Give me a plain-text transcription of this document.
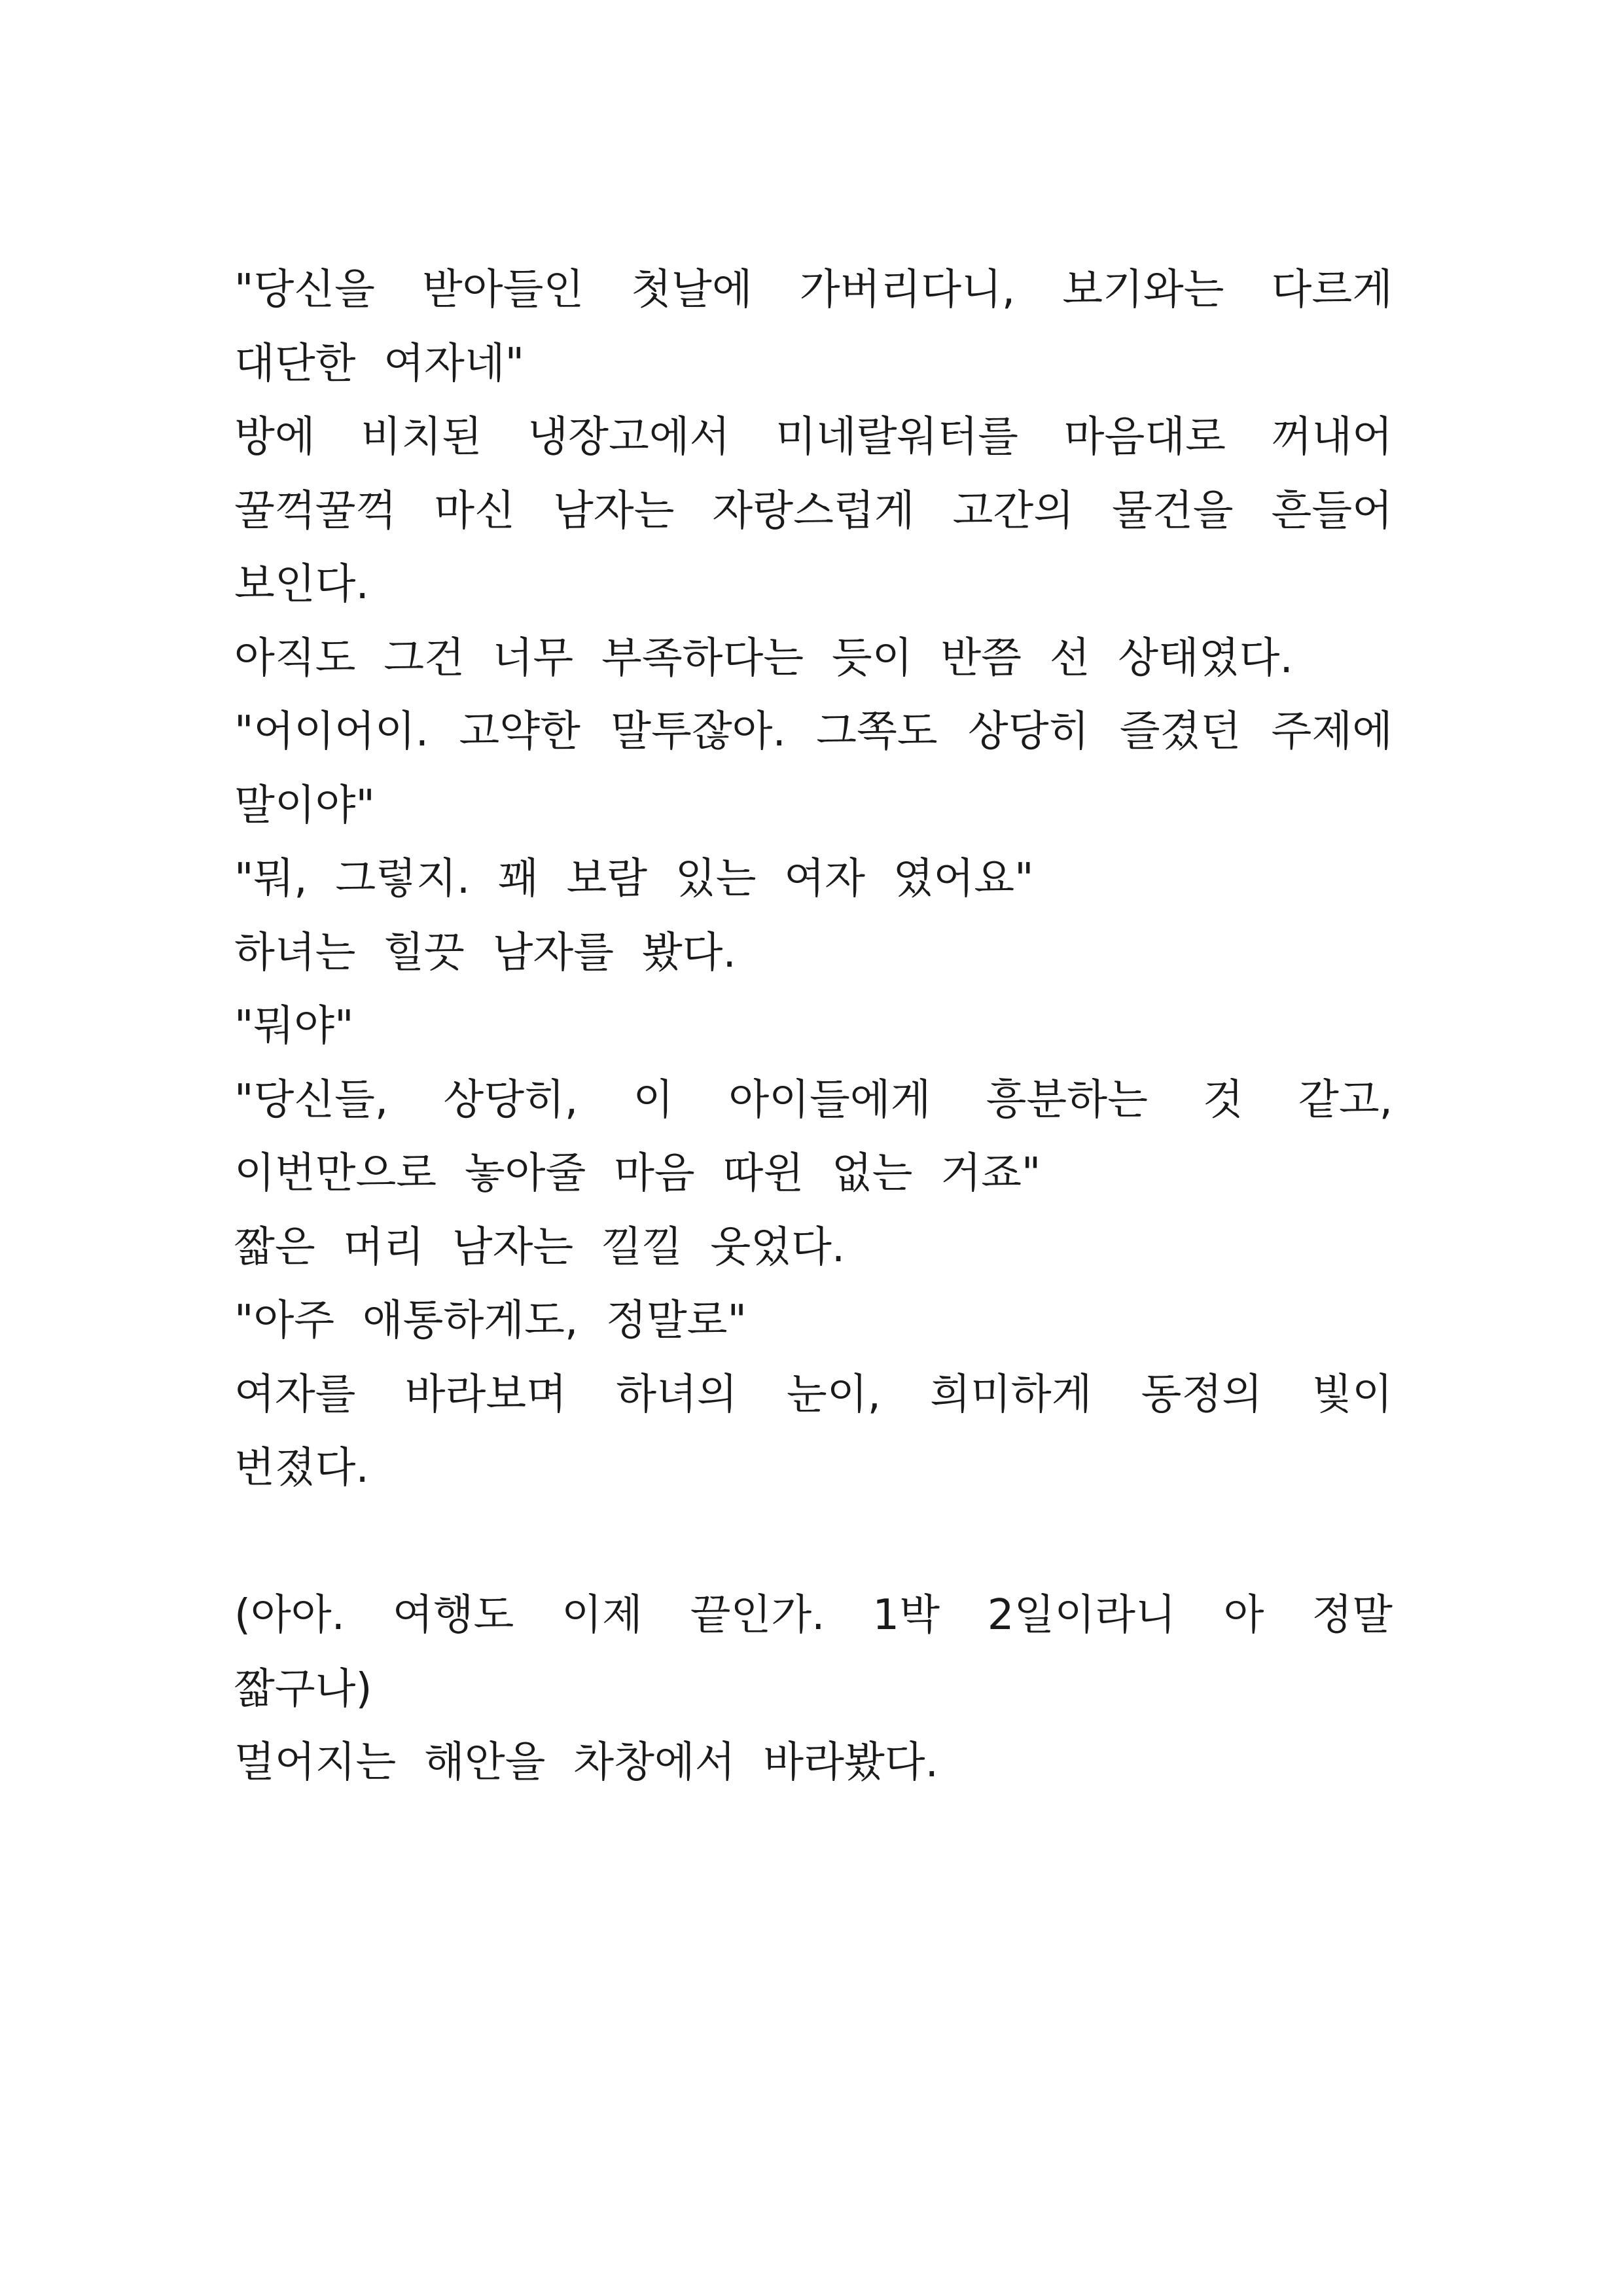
"당신을 받아들인 첫날에 가버리다니, 보기와는 다르게 대단한 여자네"

방에 비치된 냉장고에서 미네랄워터를 마음대로 꺼내어 꿀꺽꿀꺽 마신 남자는 자랑스럽게 고간의 물건을 흔들어 보인다.

아직도 그건 너무 부족하다는 듯이 반쯤 선 상태였다.

"어이어이. 고약한 말투잖아. 그쪽도 상당히 즐겼던 주제에 말이야"

"뭐, 그렇지. 꽤 보람 있는 여자 였어요"

하녀는 힐끗 남자를 봤다.

"뭐야"

"당신들, 상당히, 이 아이들에게 흥분하는 것 같고, 이번만으로 놓아줄 마음 따윈 없는 거죠"

짧은 머리 남자는 낄낄 웃었다.

"아주 애통하게도, 정말로"

여자를 바라보며 하녀의 눈이, 희미하게 동정의 빛이 번졌다.

(아아. 여행도 이제 끝인가. 1박 2일이라니 아 정말 짧구나)

멀어지는 해안을 차창에서 바라봤다.
